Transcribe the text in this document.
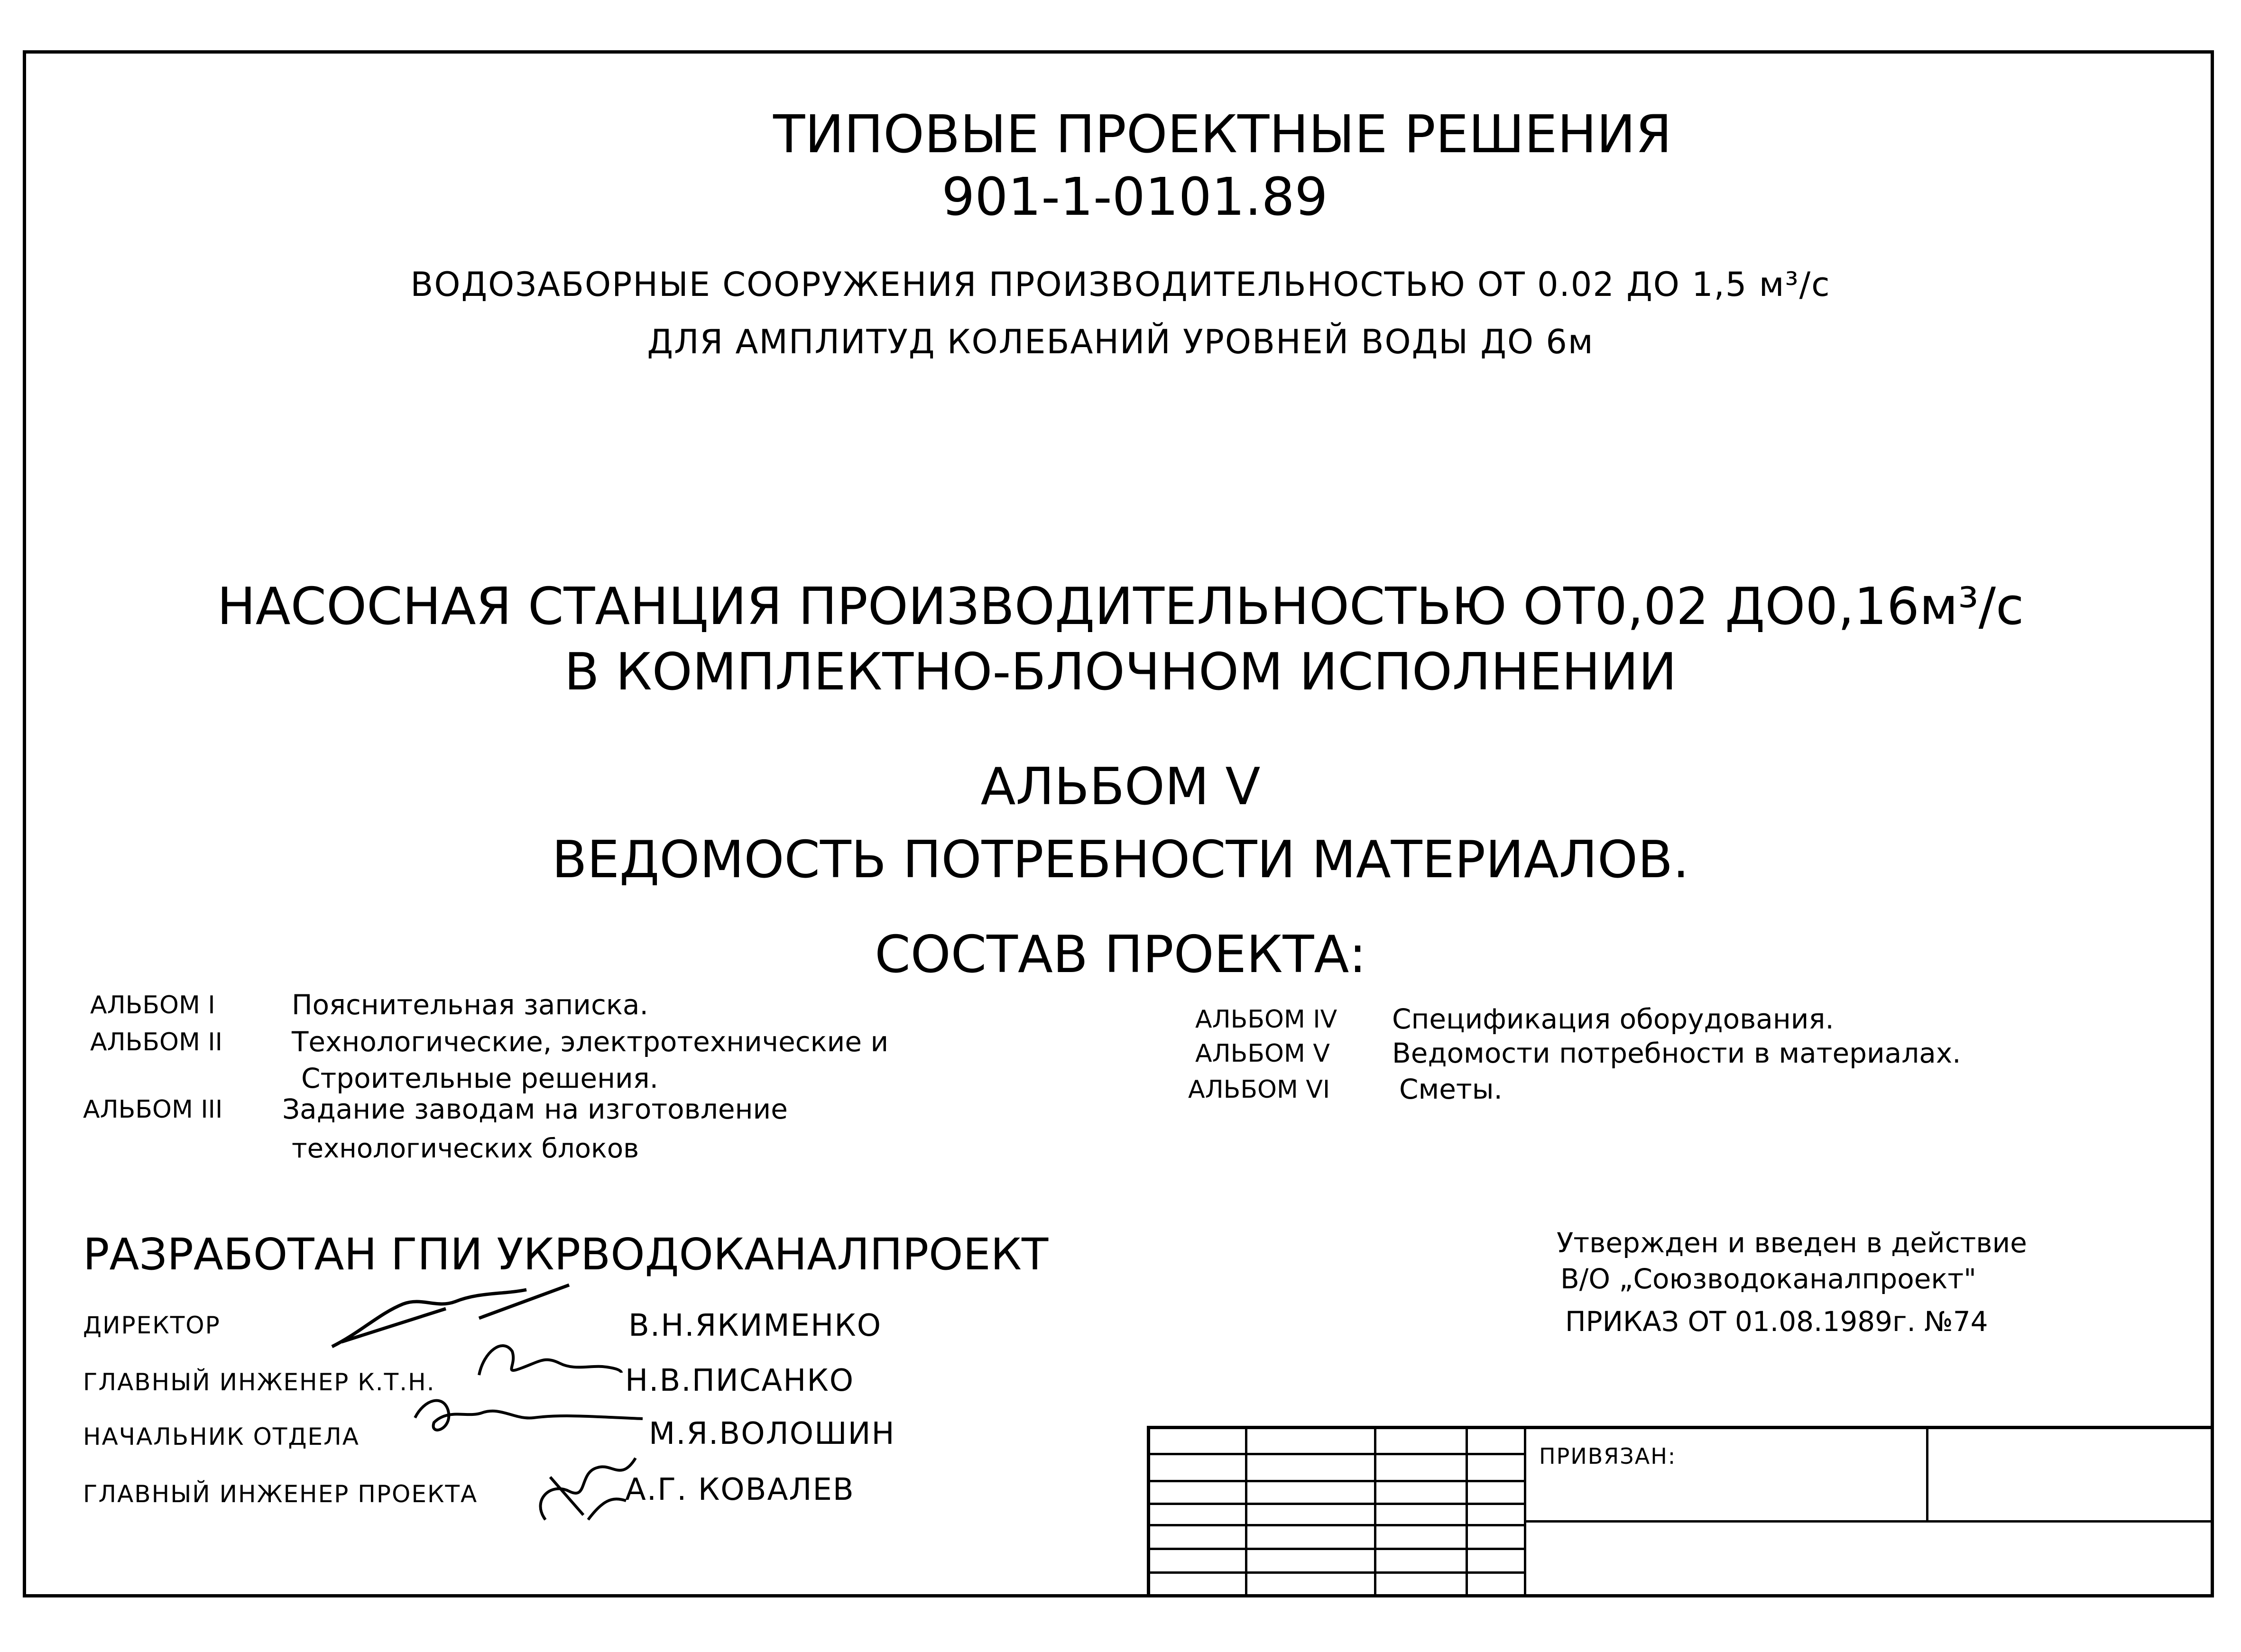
ТИПОВЫЕ ПРОЕКТНЫЕ РЕШЕНИЯ
901-1-0101.89
ВОДОЗАБОРНЫЕ СООРУЖЕНИЯ ПРОИЗВОДИТЕЛЬНОСТЬЮ ОТ 0.02 ДО 1,5 м³/с
ДЛЯ АМПЛИТУД КОЛЕБАНИЙ УРОВНЕЙ ВОДЫ ДО 6м
НАСОСНАЯ СТАНЦИЯ ПРОИЗВОДИТЕЛЬНОСТЬЮ ОТ0,02 ДО0,16м³/с
В КОМПЛЕКТНО-БЛОЧНОМ ИСПОЛНЕНИИ
АЛЬБОМ V
ВЕДОМОСТЬ ПОТРЕБНОСТИ МАТЕРИАЛОВ.
СОСТАВ ПРОЕКТА:
АЛЬБОМ I	Пояснительная записка.
АЛЬБОМ II	Технологические, электротехнические и
Строительные решения.
АЛЬБОМ III Задание заводам на изготовление
технологических блоков
АЛЬБОМ IV Спецификация оборудования.
АЛЬБОМ V Ведомости потребности в материалах.
АЛЬБОМ VI	Сметы.
РАЗРАБОТАН ГПИ УКРВОДОКАНАЛПРОЕКТ
ДИРЕКТОР	В.Н.ЯКИМЕНКО
ГЛАВНЫЙ ИНЖЕНЕР К.Т.Н.	Н.В.ПИСАНКО
НАЧАЛЬНИК ОТДЕЛА	М.Я.ВОЛОШИН
ГЛАВНЫЙ ИНЖЕНЕР ПРОЕКТА	А.Г. КОВАЛЕВ
Утвержден и введен в действие
В/О „Союзводоканалпроект"
ПРИКАЗ ОТ 01.08.1989г. №74
ПРИВЯЗАН:
